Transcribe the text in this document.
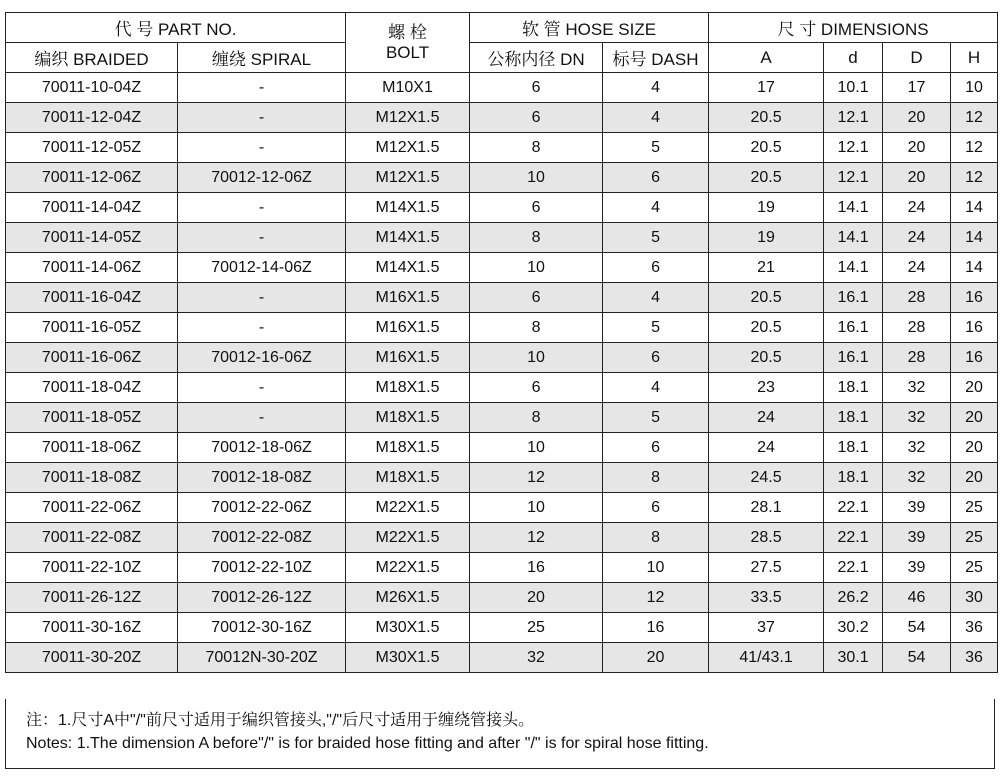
代 号 PART NO.		螺 栓
BOLT	软 管 HOSE SIZE		尺 寸 DIMENSIONS			
编织 BRAIDED	缠绕 SPIRAL		公称内径 DN	标号 DASH	A	d	D	H
70011-10-04Z	-	M10X1	6	4	17	10.1	17	10
70011-12-04Z	-	M12X1.5	6	4	20.5	12.1	20	12
70011-12-05Z	-	M12X1.5	8	5	20.5	12.1	20	12
70011-12-06Z	70012-12-06Z	M12X1.5	10	6	20.5	12.1	20	12
70011-14-04Z	-	M14X1.5	6	4	19	14.1	24	14
70011-14-05Z	-	M14X1.5	8	5	19	14.1	24	14
70011-14-06Z	70012-14-06Z	M14X1.5	10	6	21	14.1	24	14
70011-16-04Z	-	M16X1.5	6	4	20.5	16.1	28	16
70011-16-05Z	-	M16X1.5	8	5	20.5	16.1	28	16
70011-16-06Z	70012-16-06Z	M16X1.5	10	6	20.5	16.1	28	16
70011-18-04Z	-	M18X1.5	6	4	23	18.1	32	20
70011-18-05Z	-	M18X1.5	8	5	24	18.1	32	20
70011-18-06Z	70012-18-06Z	M18X1.5	10	6	24	18.1	32	20
70011-18-08Z	70012-18-08Z	M18X1.5	12	8	24.5	18.1	32	20
70011-22-06Z	70012-22-06Z	M22X1.5	10	6	28.1	22.1	39	25
70011-22-08Z	70012-22-08Z	M22X1.5	12	8	28.5	22.1	39	25
70011-22-10Z	70012-22-10Z	M22X1.5	16	10	27.5	22.1	39	25
70011-26-12Z	70012-26-12Z	M26X1.5	20	12	33.5	26.2	46	30
70011-30-16Z	70012-30-16Z	M30X1.5	25	16	37	30.2	54	36
70011-30-20Z	70012N-30-20Z	M30X1.5	32	20	41/43.1	30.1	54	36
注：1.尺寸A中"/"前尺寸适用于编织管接头,"/"后尺寸适用于缠绕管接头。
Notes: 1.The dimension A before"/" is for braided hose fitting and after "/" is for spiral hose fitting.
